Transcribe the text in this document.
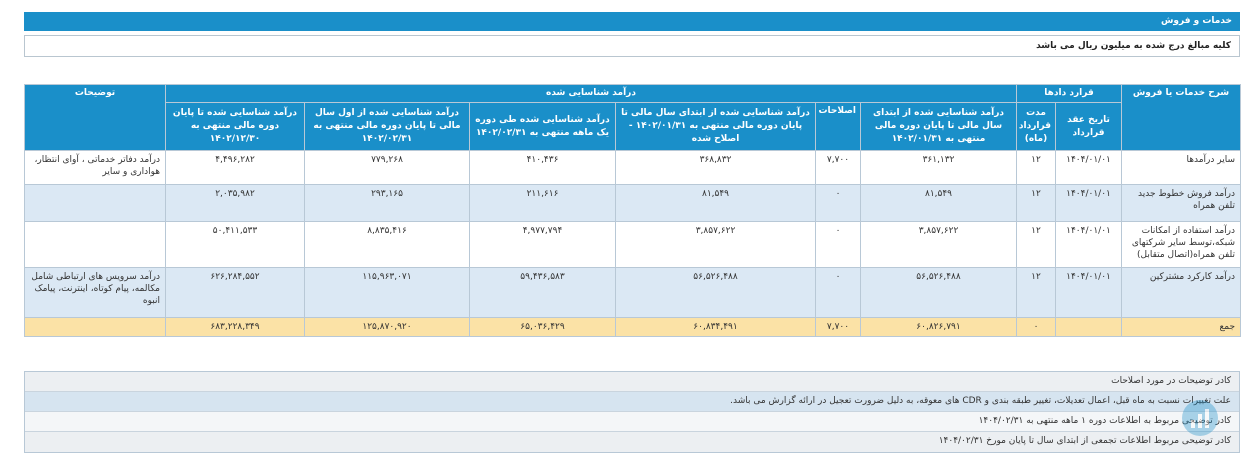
خدمات و فروش
کلیه مبالغ درج شده به میلیون ریال می باشد
شرح خدمات یا فروش	قرارد دادها		درآمد شناسایی شده						توضیحات
	تاریخ عقد قرارداد	مدت قرارداد (ماه)	درآمد شناسایی شده از ابتدای سال مالی تا پایان دوره مالی منتهی به ۱۴۰۲/۰۱/۳۱	اصلاحات	درآمد شناسایی شده از ابتدای سال مالی تا پایان دوره مالی منتهی به ۱۴۰۲/۰۱/۳۱ - اصلاح شده	درآمد شناسایی شده طی دوره یک ماهه منتهی به ۱۴۰۲/۰۲/۳۱	درآمد شناسایی شده از اول سال مالی تا پایان دوره مالی منتهی به ۱۴۰۲/۰۲/۳۱	درآمد شناسایی شده تا پایان دوره مالی منتهی به ۱۴۰۲/۱۲/۳۰	
سایر درآمدها	۱۴۰۴/۰۱/۰۱	۱۲	۳۶۱,۱۳۲	۷,۷۰۰	۳۶۸,۸۳۲	۴۱۰,۴۳۶	۷۷۹,۲۶۸	۴,۴۹۶,۲۸۲	درآمد دفاتر خدماتی ، آوای انتظار، هوادارى و سایر
درآمد فروش خطوط جدید تلفن همراه	۱۴۰۴/۰۱/۰۱	۱۲	۸۱,۵۴۹	۰	۸۱,۵۴۹	۲۱۱,۶۱۶	۲۹۳,۱۶۵	۲,۰۳۵,۹۸۲	
درآمد استفاده از امکانات شبکه،توسط سایر شرکتهای تلفن همراه(اتصال متقابل)	۱۴۰۴/۰۱/۰۱	۱۲	۳,۸۵۷,۶۲۲	۰	۳,۸۵۷,۶۲۲	۴,۹۷۷,۷۹۴	۸,۸۳۵,۴۱۶	۵۰,۴۱۱,۵۳۳	
درآمد کارکرد مشترکین	۱۴۰۴/۰۱/۰۱	۱۲	۵۶,۵۲۶,۴۸۸	۰	۵۶,۵۲۶,۴۸۸	۵۹,۴۳۶,۵۸۳	۱۱۵,۹۶۳,۰۷۱	۶۲۶,۲۸۴,۵۵۲	درآمد سرویس های ارتباطی شامل مکالمه، پیام کوتاه، اینترنت، پیامک انبوه
جمع		۰	۶۰,۸۲۶,۷۹۱	۷,۷۰۰	۶۰,۸۳۴,۴۹۱	۶۵,۰۳۶,۴۲۹	۱۲۵,۸۷۰,۹۲۰	۶۸۳,۲۲۸,۳۴۹	
کادر توضیحات در مورد اصلاحات
علت تغییرات نسبت به ماه قبل، اعمال تعدیلات، تغییر طبقه بندی و CDR های معوقه، به دلیل ضرورت تعجیل در ارائه گزارش می باشد.
کادر توضیحی مربوط به اطلاعات دوره ۱ ماهه منتهی به ۱۴۰۴/۰۲/۳۱
کادر توضیحی مربوط اطلاعات تجمعی از ابتدای سال تا پایان مورخ ۱۴۰۴/۰۲/۳۱
